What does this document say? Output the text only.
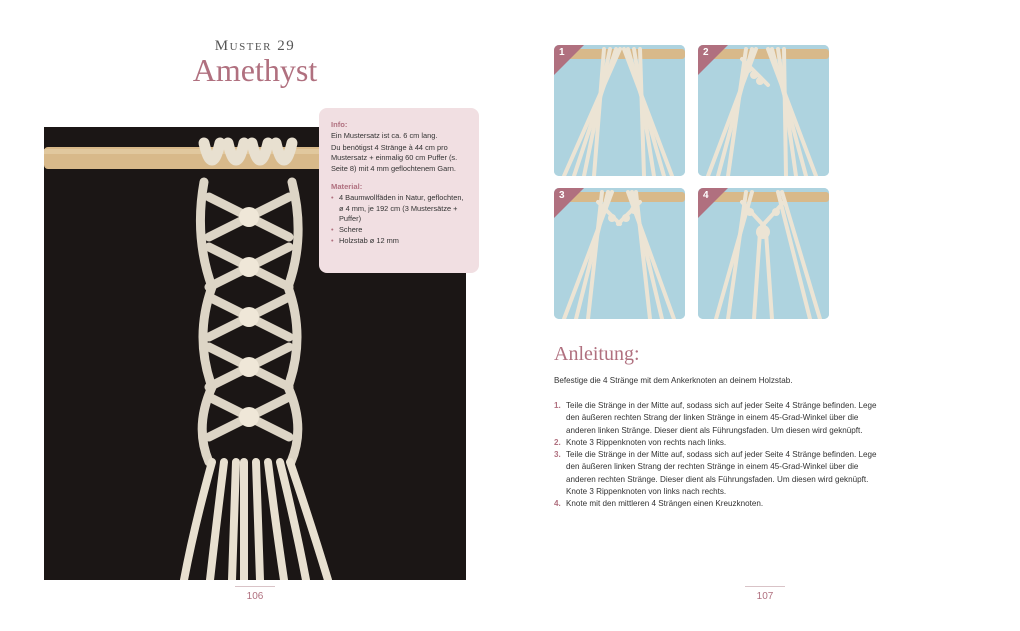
Muster 29
Amethyst
Info:

Ein Mustersatz ist ca. 6 cm lang.

Du benötigst 4 Stränge à 44 cm pro Mustersatz + einmalig 60 cm Puffer (s. Seite 8) mit 4 mm geflochtenem Garn.

Material:
• 4 Baumwollfäden in Natur, geflochten, ø 4 mm, je 192 cm (3 Mustersätze + Puffer)
• Schere
• Holzstab ø 12 mm
106
1	2
3	4
Anleitung:
Befestige die 4 Stränge mit dem Ankerknoten an deinem Holzstab.
1. Teile die Stränge in der Mitte auf, sodass sich auf jeder Seite 4 Stränge befinden. Lege den äußeren rechten Strang der linken Stränge in einem 45-Grad-Winkel über die anderen linken Stränge. Dieser dient als Führungsfaden. Um diesen wird geknüpft.
2. Knote 3 Rippenknoten von rechts nach links.
3. Teile die Stränge in der Mitte auf, sodass sich auf jeder Seite 4 Stränge befinden. Lege den äußeren linken Strang der rechten Stränge in einem 45-Grad-Winkel über die anderen rechten Stränge. Dieser dient als Führungsfaden. Um diesen wird geknüpft. Knote 3 Rippenknoten von links nach rechts.
4. Knote mit den mittleren 4 Strängen einen Kreuzknoten.
107
